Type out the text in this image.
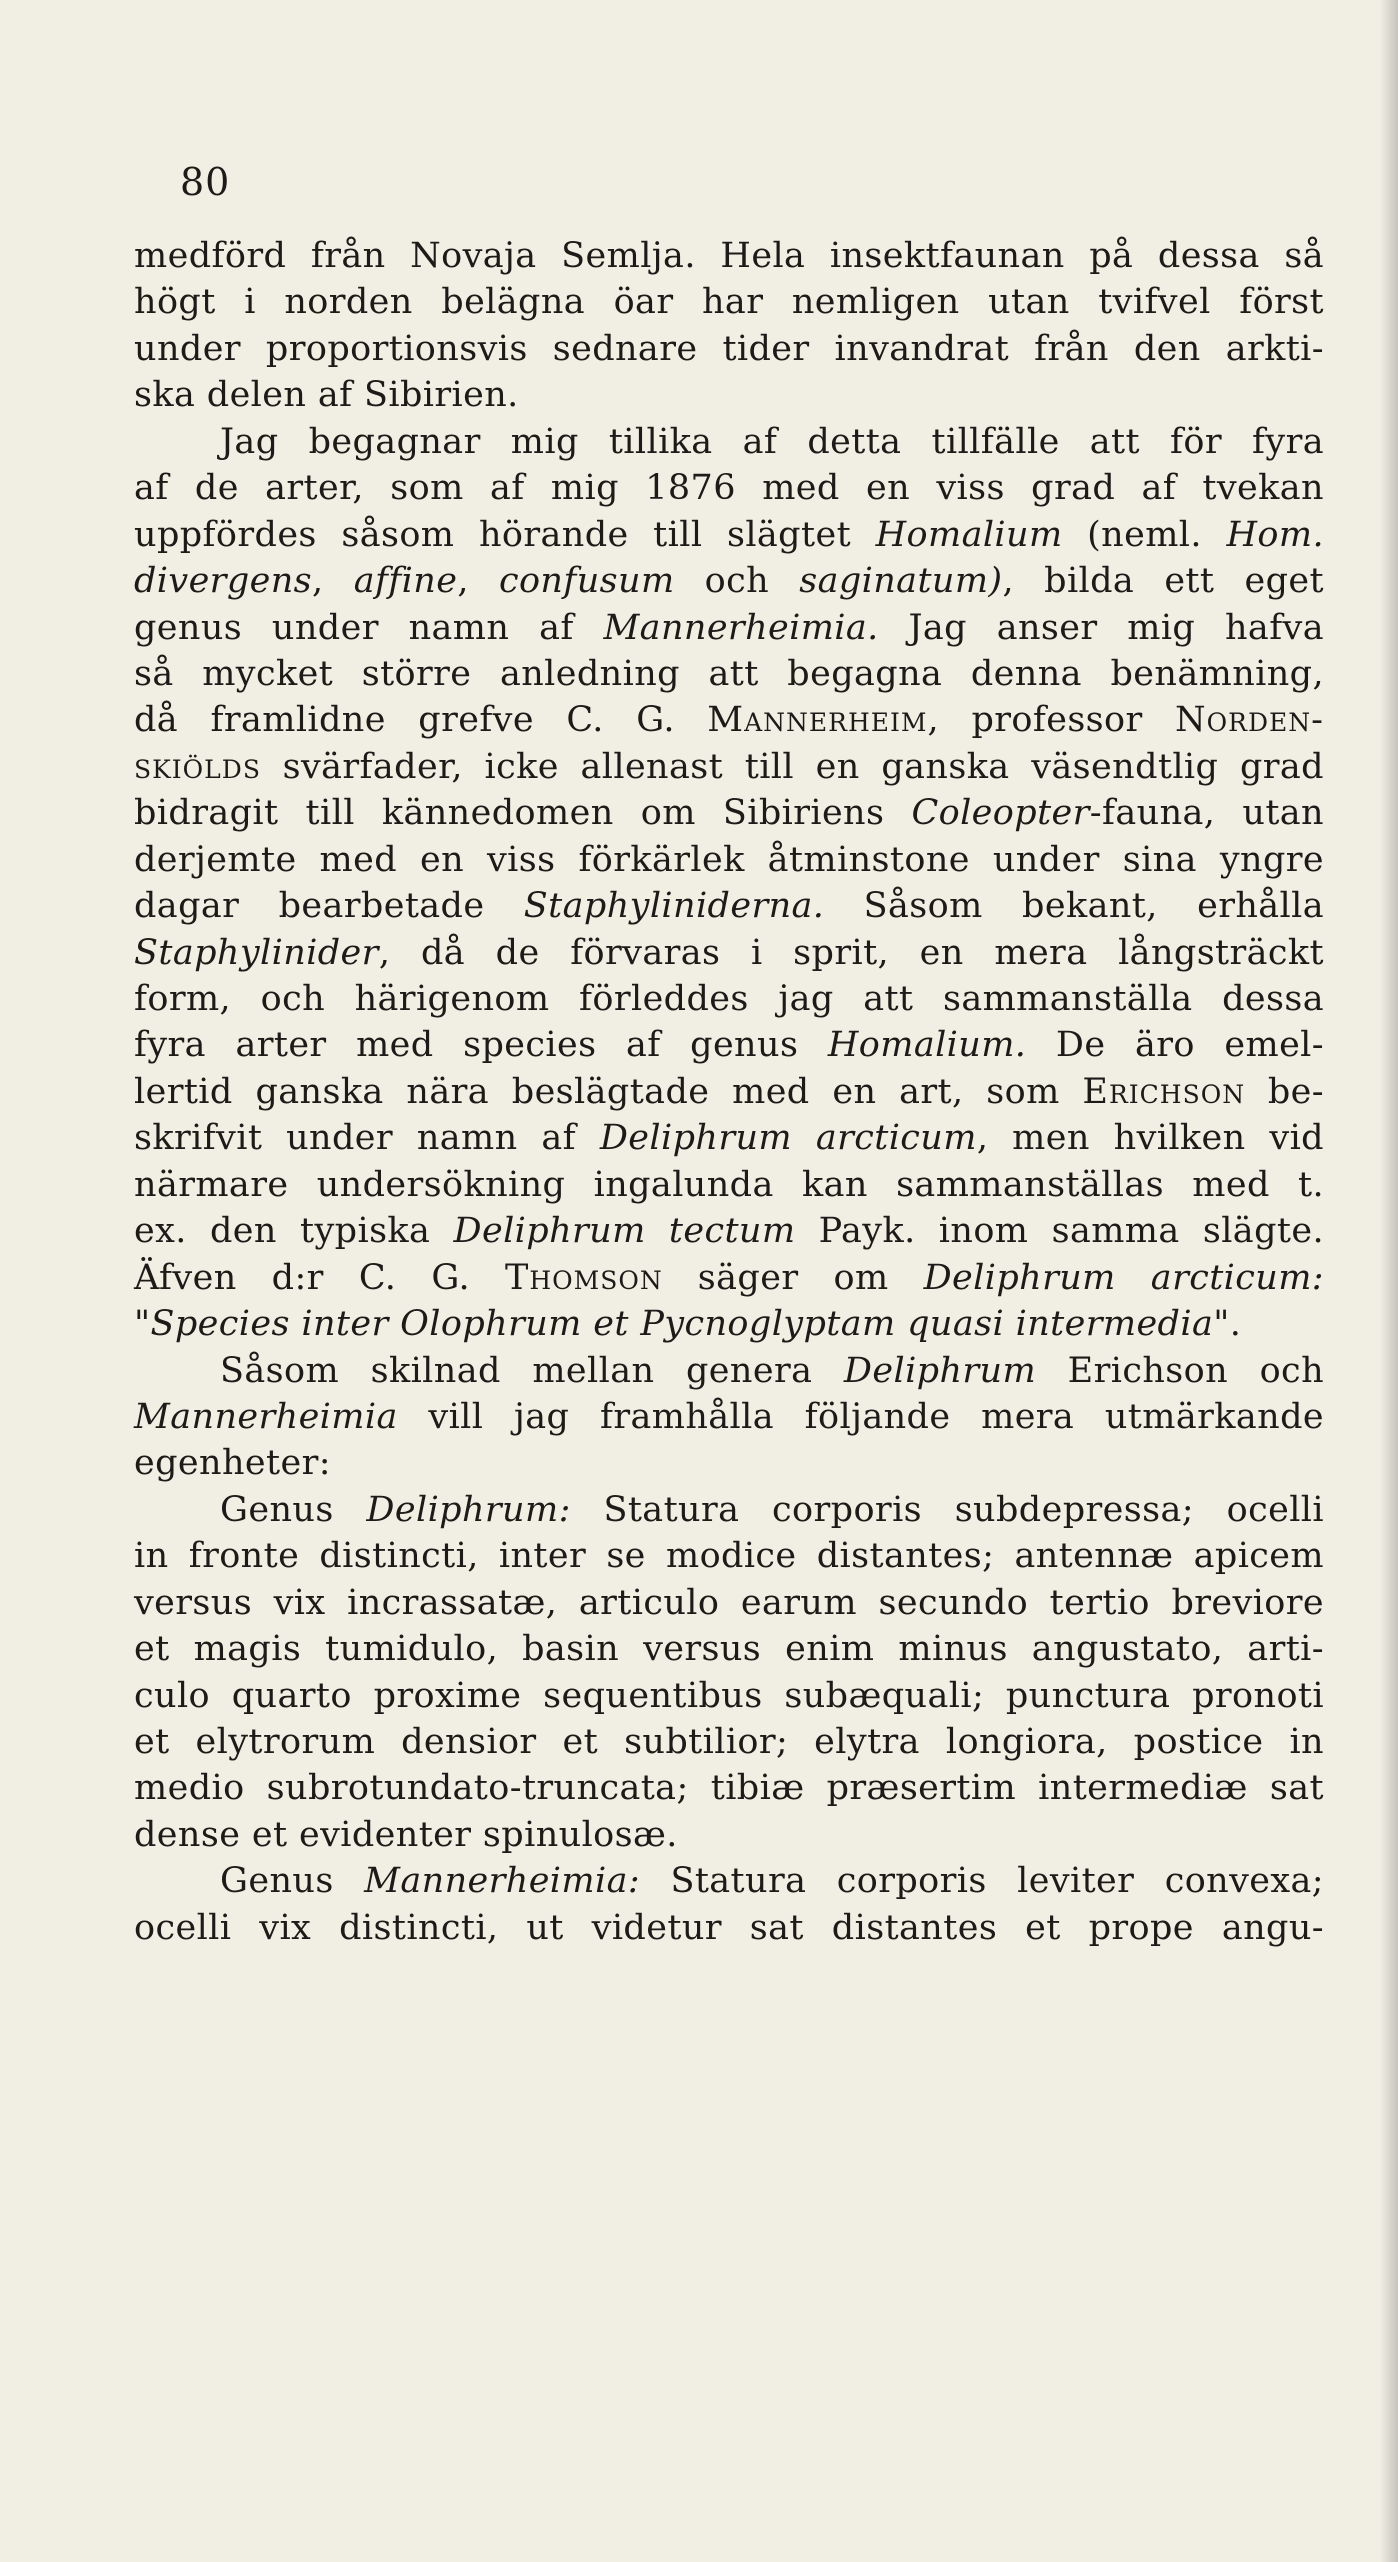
80
medförd från Novaja Semlja. Hela insektfaunan på dessa så
högt i norden belägna öar har nemligen utan tvifvel först
under proportionsvis sednare tider invandrat från den arkti-
ska delen af Sibirien.
Jag begagnar mig tillika af detta tillfälle att för fyra
af de arter, som af mig 1876 med en viss grad af tvekan
uppfördes såsom hörande till slägtet Homalium (neml. Hom.
divergens, affine, confusum och saginatum), bilda ett eget
genus under namn af Mannerheimia. Jag anser mig hafva
så mycket större anledning att begagna denna benämning,
då framlidne grefve C. G. Mannerheim, professor Norden-
skiölds svärfader, icke allenast till en ganska väsendtlig grad
bidragit till kännedomen om Sibiriens Coleopter-fauna, utan
derjemte med en viss förkärlek åtminstone under sina yngre
dagar bearbetade Staphyliniderna. Såsom bekant, erhålla
Staphylinider, då de förvaras i sprit, en mera långsträckt
form, och härigenom förleddes jag att sammanställa dessa
fyra arter med species af genus Homalium. De äro emel-
lertid ganska nära beslägtade med en art, som Erichson be-
skrifvit under namn af Deliphrum arcticum, men hvilken vid
närmare undersökning ingalunda kan sammanställas med t.
ex. den typiska Deliphrum tectum Payk. inom samma slägte.
Äfven d:r C. G. Thomson säger om Deliphrum arcticum:
"Species inter Olophrum et Pycnoglyptam quasi intermedia".
Såsom skilnad mellan genera Deliphrum Erichson och
Mannerheimia vill jag framhålla följande mera utmärkande
egenheter:
Genus Deliphrum: Statura corporis subdepressa; ocelli
in fronte distincti, inter se modice distantes; antennæ apicem
versus vix incrassatæ, articulo earum secundo tertio breviore
et magis tumidulo, basin versus enim minus angustato, arti-
culo quarto proxime sequentibus subæquali; punctura pronoti
et elytrorum densior et subtilior; elytra longiora, postice in
medio subrotundato-truncata; tibiæ præsertim intermediæ sat
dense et evidenter spinulosæ.
Genus Mannerheimia: Statura corporis leviter convexa;
ocelli vix distincti, ut videtur sat distantes et prope angu-
